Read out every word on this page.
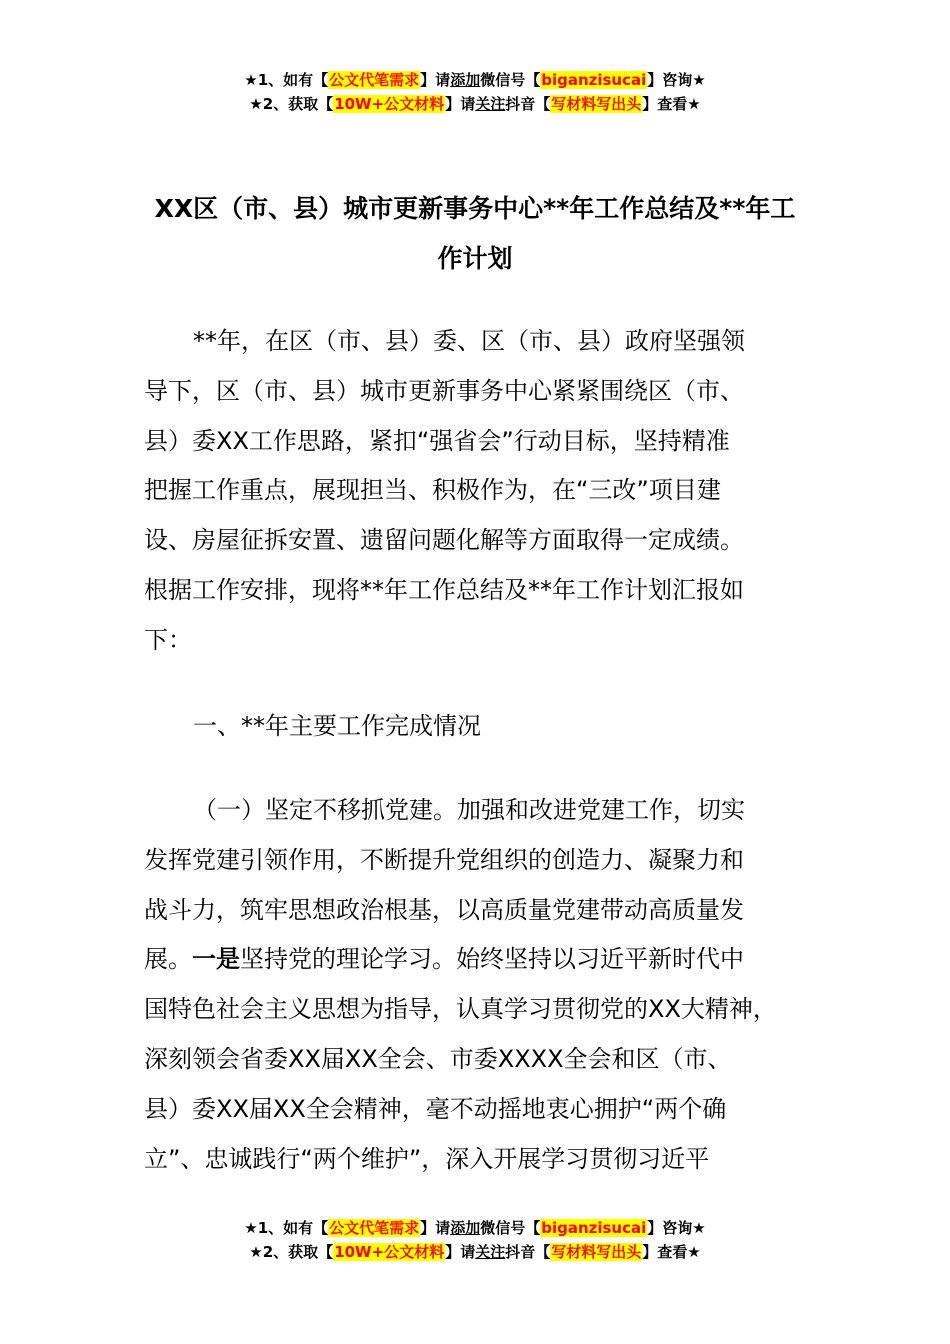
★1、如有【公文代笔需求】请添加微信号【biganzisucai】咨询★
★2、获取【10W+公文材料】请关注抖音【写材料写出头】查看★
XX区（市、县）城市更新事务中心**年工作总结及**年工
作计划
**年，在区（市、县）委、区（市、县）政府坚强领
导下，区（市、县）城市更新事务中心紧紧围绕区（市、
县）委XX工作思路，紧扣“强省会”行动目标，坚持精准
把握工作重点，展现担当、积极作为，在“三改”项目建
设、房屋征拆安置、遗留问题化解等方面取得一定成绩。
根据工作安排，现将**年工作总结及**年工作计划汇报如
下：
一、**年主要工作完成情况
（一）坚定不移抓党建。加强和改进党建工作，切实
发挥党建引领作用，不断提升党组织的创造力、凝聚力和
战斗力，筑牢思想政治根基，以高质量党建带动高质量发
展。一是坚持党的理论学习。始终坚持以习近平新时代中
国特色社会主义思想为指导，认真学习贯彻党的XX大精神，
深刻领会省委XX届XX全会、市委XXXX全会和区（市、
县）委XX届XX全会精神，毫不动摇地衷心拥护“两个确
立”、忠诚践行“两个维护”，深入开展学习贯彻习近平
★1、如有【公文代笔需求】请添加微信号【biganzisucai】咨询★
★2、获取【10W+公文材料】请关注抖音【写材料写出头】查看★
